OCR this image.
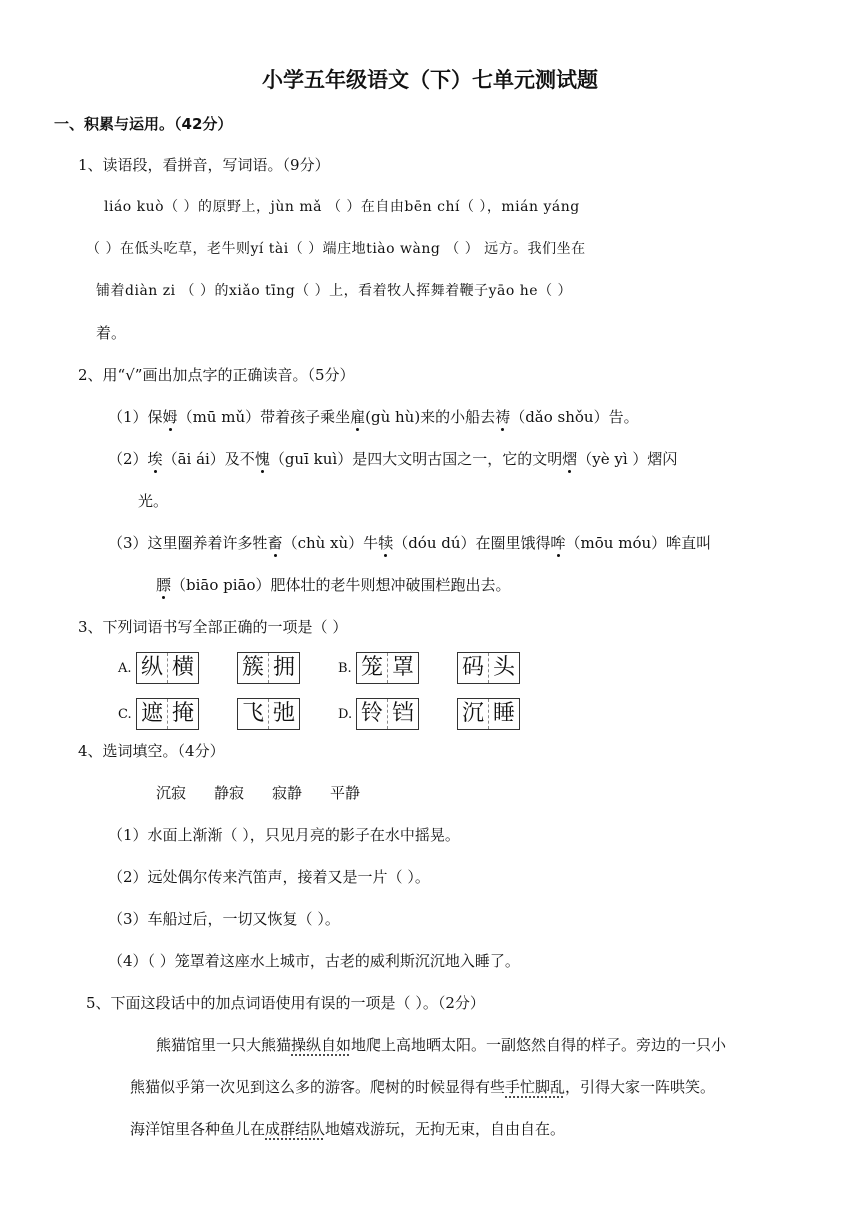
小学五年级语文（下）七单元测试题
一、积累与运用。（42分）
1、读语段，看拼音，写词语。（9分）
liáo kuò（ ）的原野上，jùn mǎ （ ）在自由bēn chí（ ），mián yáng
（ ）在低头吃草，老牛则yí tài（ ）端庄地tiào wàng （ ） 远方。我们坐在
铺着diàn zi （ ）的xiǎo tīng（ ）上，看着牧人挥舞着鞭子yāo he（ ）
着。
2、用“√”画出加点字的正确读音。（5分）
（1）保姆（mū mǔ）带着孩子乘坐雇(gù hù)来的小船去祷（dǎo shǒu）告。
（2）埃（āi ái）及不愧（guī kuì）是四大文明古国之一，它的文明熠（yè yì ）熠闪
光。
（3）这里圈养着许多牲畜（chù xù）牛犊（dóu dú）在圈里饿得哞（mōu móu）哞直叫
膘（biāo piāo）肥体壮的老牛则想冲破围栏跑出去。
3、下列词语书写全部正确的一项是（ ）
A. 纵 横 簇 拥	B. 笼 罩 码 头
C. 遮 掩 飞 弛	D. 铃 铛 沉 睡
4、选词填空。（4分）
沉寂 静寂 寂静 平静
（1）水面上渐渐（ ），只见月亮的影子在水中摇晃。
（2）远处偶尔传来汽笛声，接着又是一片（ ）。
（3）车船过后，一切又恢复（ ）。
（4）（ ）笼罩着这座水上城市，古老的威利斯沉沉地入睡了。
5、下面这段话中的加点词语使用有误的一项是（ ）。（2分）
熊猫馆里一只大熊猫操纵自如地爬上高地晒太阳。一副悠然自得的样子。旁边的一只小
熊猫似乎第一次见到这么多的游客。爬树的时候显得有些手忙脚乱，引得大家一阵哄笑。
海洋馆里各种鱼儿在成群结队地嬉戏游玩，无拘无束，自由自在。
